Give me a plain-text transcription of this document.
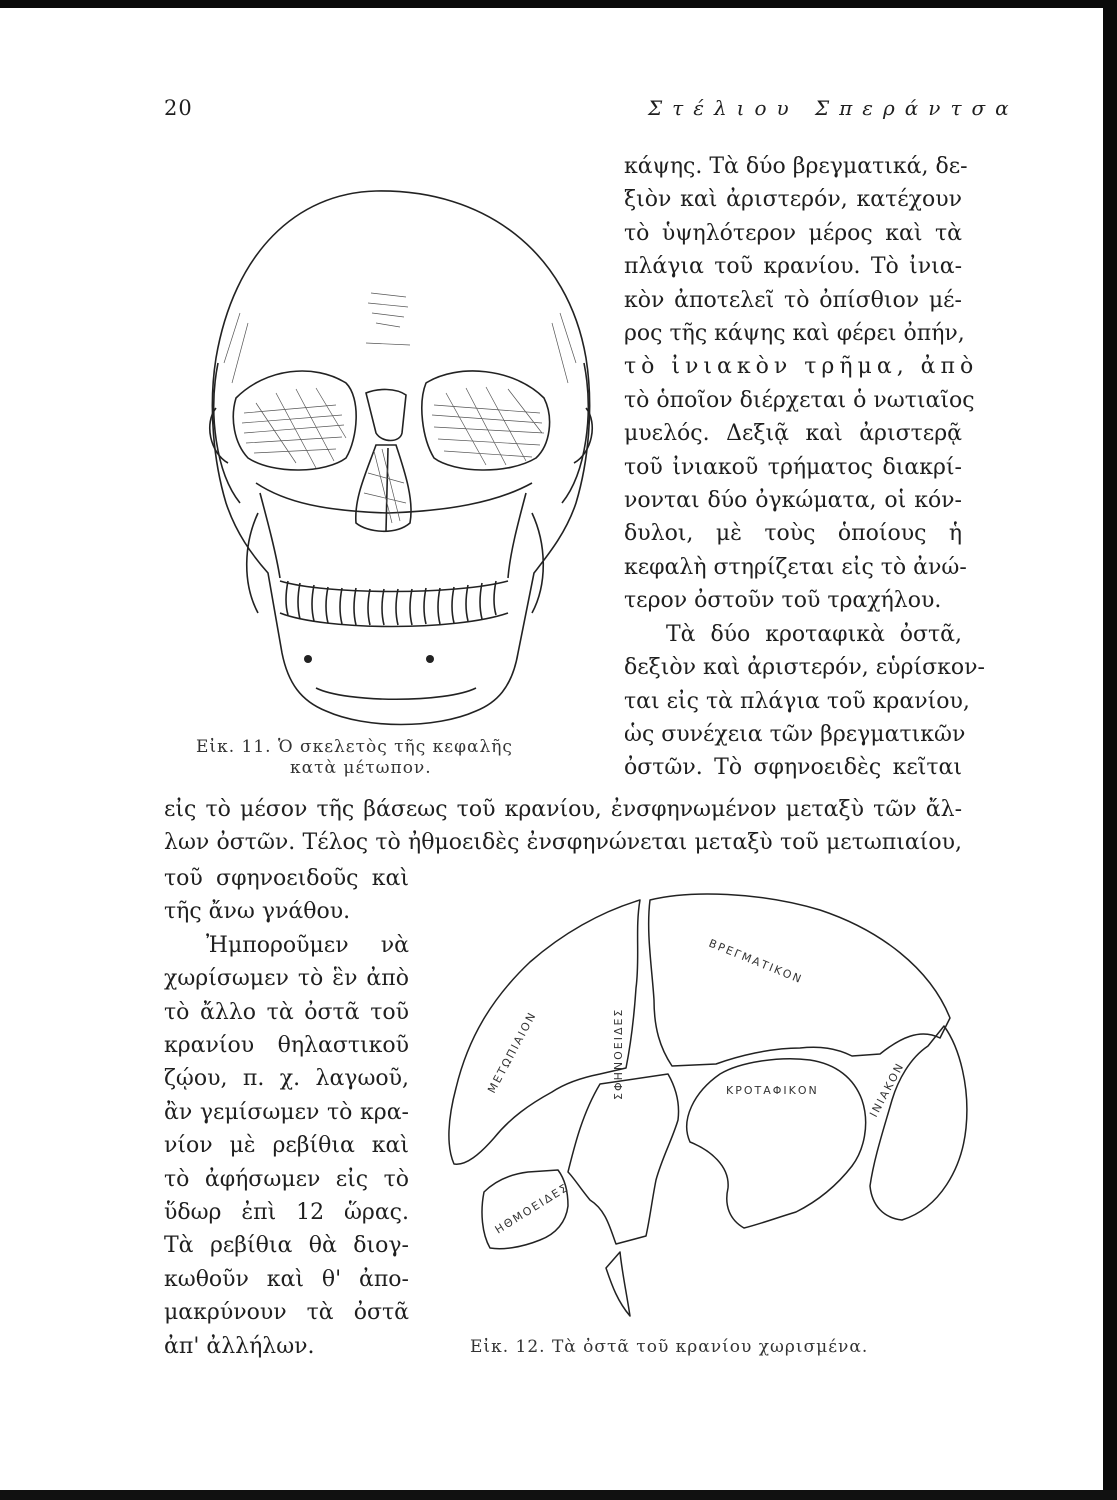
20	Στέλιου Σπεράντσα
Εἰκ. 11. Ὁ σκελετὸς τῆς κεφαλῆς
κατὰ μέτωπον.
κάψης. Τὰ δύο βρεγματικά, δε-
ξιὸν καὶ ἀριστερόν, κατέχουν
τὸ ὑψηλότερον μέρος καὶ τὰ
πλάγια τοῦ κρανίου. Τὸ ἰνια-
κὸν ἀποτελεῖ τὸ ὀπίσθιον μέ-
ρος τῆς κάψης καὶ φέρει ὀπήν,
τὸ ἰνιακὸν τρῆμα, ἀπὸ
τὸ ὁποῖον διέρχεται ὁ νωτιαῖος
μυελός. Δεξιᾷ καὶ ἀριστερᾷ
τοῦ ἰνιακοῦ τρήματος διακρί-
νονται δύο ὀγκώματα, οἱ κόν-
δυλοι, μὲ τοὺς ὁποίους ἡ
κεφαλὴ στηρίζεται εἰς τὸ ἀνώ-
τερον ὀστοῦν τοῦ τραχήλου.
Τὰ δύο κροταφικὰ ὀστᾶ,
δεξιὸν καὶ ἀριστερόν, εὑρίσκον-
ται εἰς τὰ πλάγια τοῦ κρανίου,
ὡς συνέχεια τῶν βρεγματικῶν
ὀστῶν. Τὸ σφηνοειδὲς κεῖται
εἰς τὸ μέσον τῆς βάσεως τοῦ κρανίου, ἐνσφηνωμένον μεταξὺ τῶν ἄλ-
λων ὀστῶν. Τέλος τὸ ἠθμοειδὲς ἐνσφηνώνεται μεταξὺ τοῦ μετωπιαίου,
τοῦ σφηνοειδοῦς καὶ
τῆς ἄνω γνάθου.
Ἠμποροῦμεν νὰ
χωρίσωμεν τὸ ἓν ἀπὸ
τὸ ἄλλο τὰ ὀστᾶ τοῦ
κρανίου θηλαστικοῦ
ζῴου, π. χ. λαγωοῦ,
ἂν γεμίσωμεν τὸ κρα-
νίον μὲ ρεβίθια καὶ
τὸ ἀφήσωμεν εἰς τὸ
ὕδωρ ἐπὶ 12 ὥρας.
Τὰ ρεβίθια θὰ διογ-
κωθοῦν καὶ θ' ἀπο-
μακρύνουν τὰ ὀστᾶ
ἀπ' ἀλλήλων.
ΒΡΕΓΜΑΤΙΚΟΝ
ΜΕΤΩΠΙΑΙΟΝ	ΣΦΗΝΟΕΙΔΕΣ	ΚΡΟΤΑΦΙΚΟΝ	ΙΝΙΑΚΟΝ
ΗΘΜΟΕΙΔΕΣ
Εἰκ. 12. Τὰ ὀστᾶ τοῦ κρανίου χωρισμένα.
